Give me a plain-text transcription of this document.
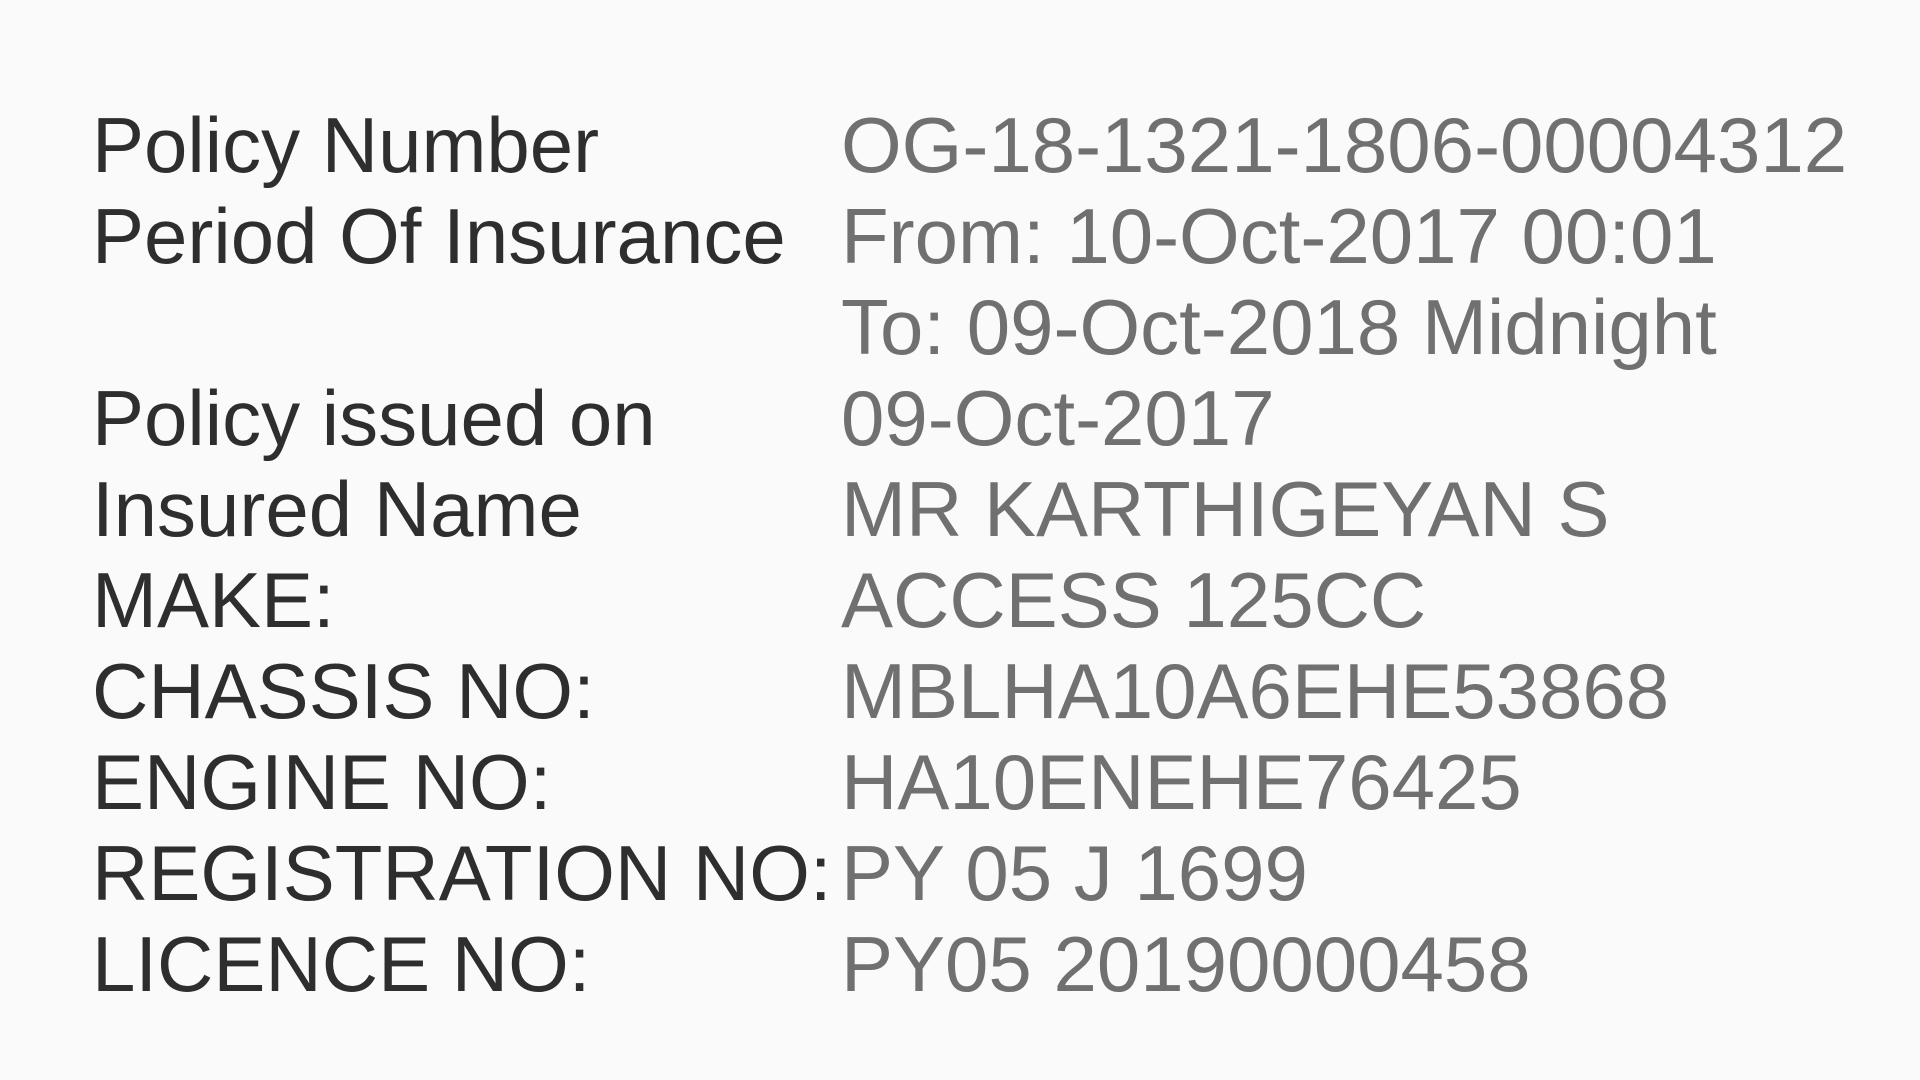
Policy Number	OG-18-1321-1806-00004312
Period Of Insurance From: 10-Oct-2017 00:01
To: 09-Oct-2018 Midnight
Policy issued on	09-Oct-2017
Insured Name	MR KARTHIGEYAN S
MAKE:	ACCESS 125CC
CHASSIS NO:	MBLHA10A6EHE53868
ENGINE NO:	HA10ENEHE76425
REGISTRATION NO: PY 05 J 1699
LICENCE NO:	PY05 20190000458
